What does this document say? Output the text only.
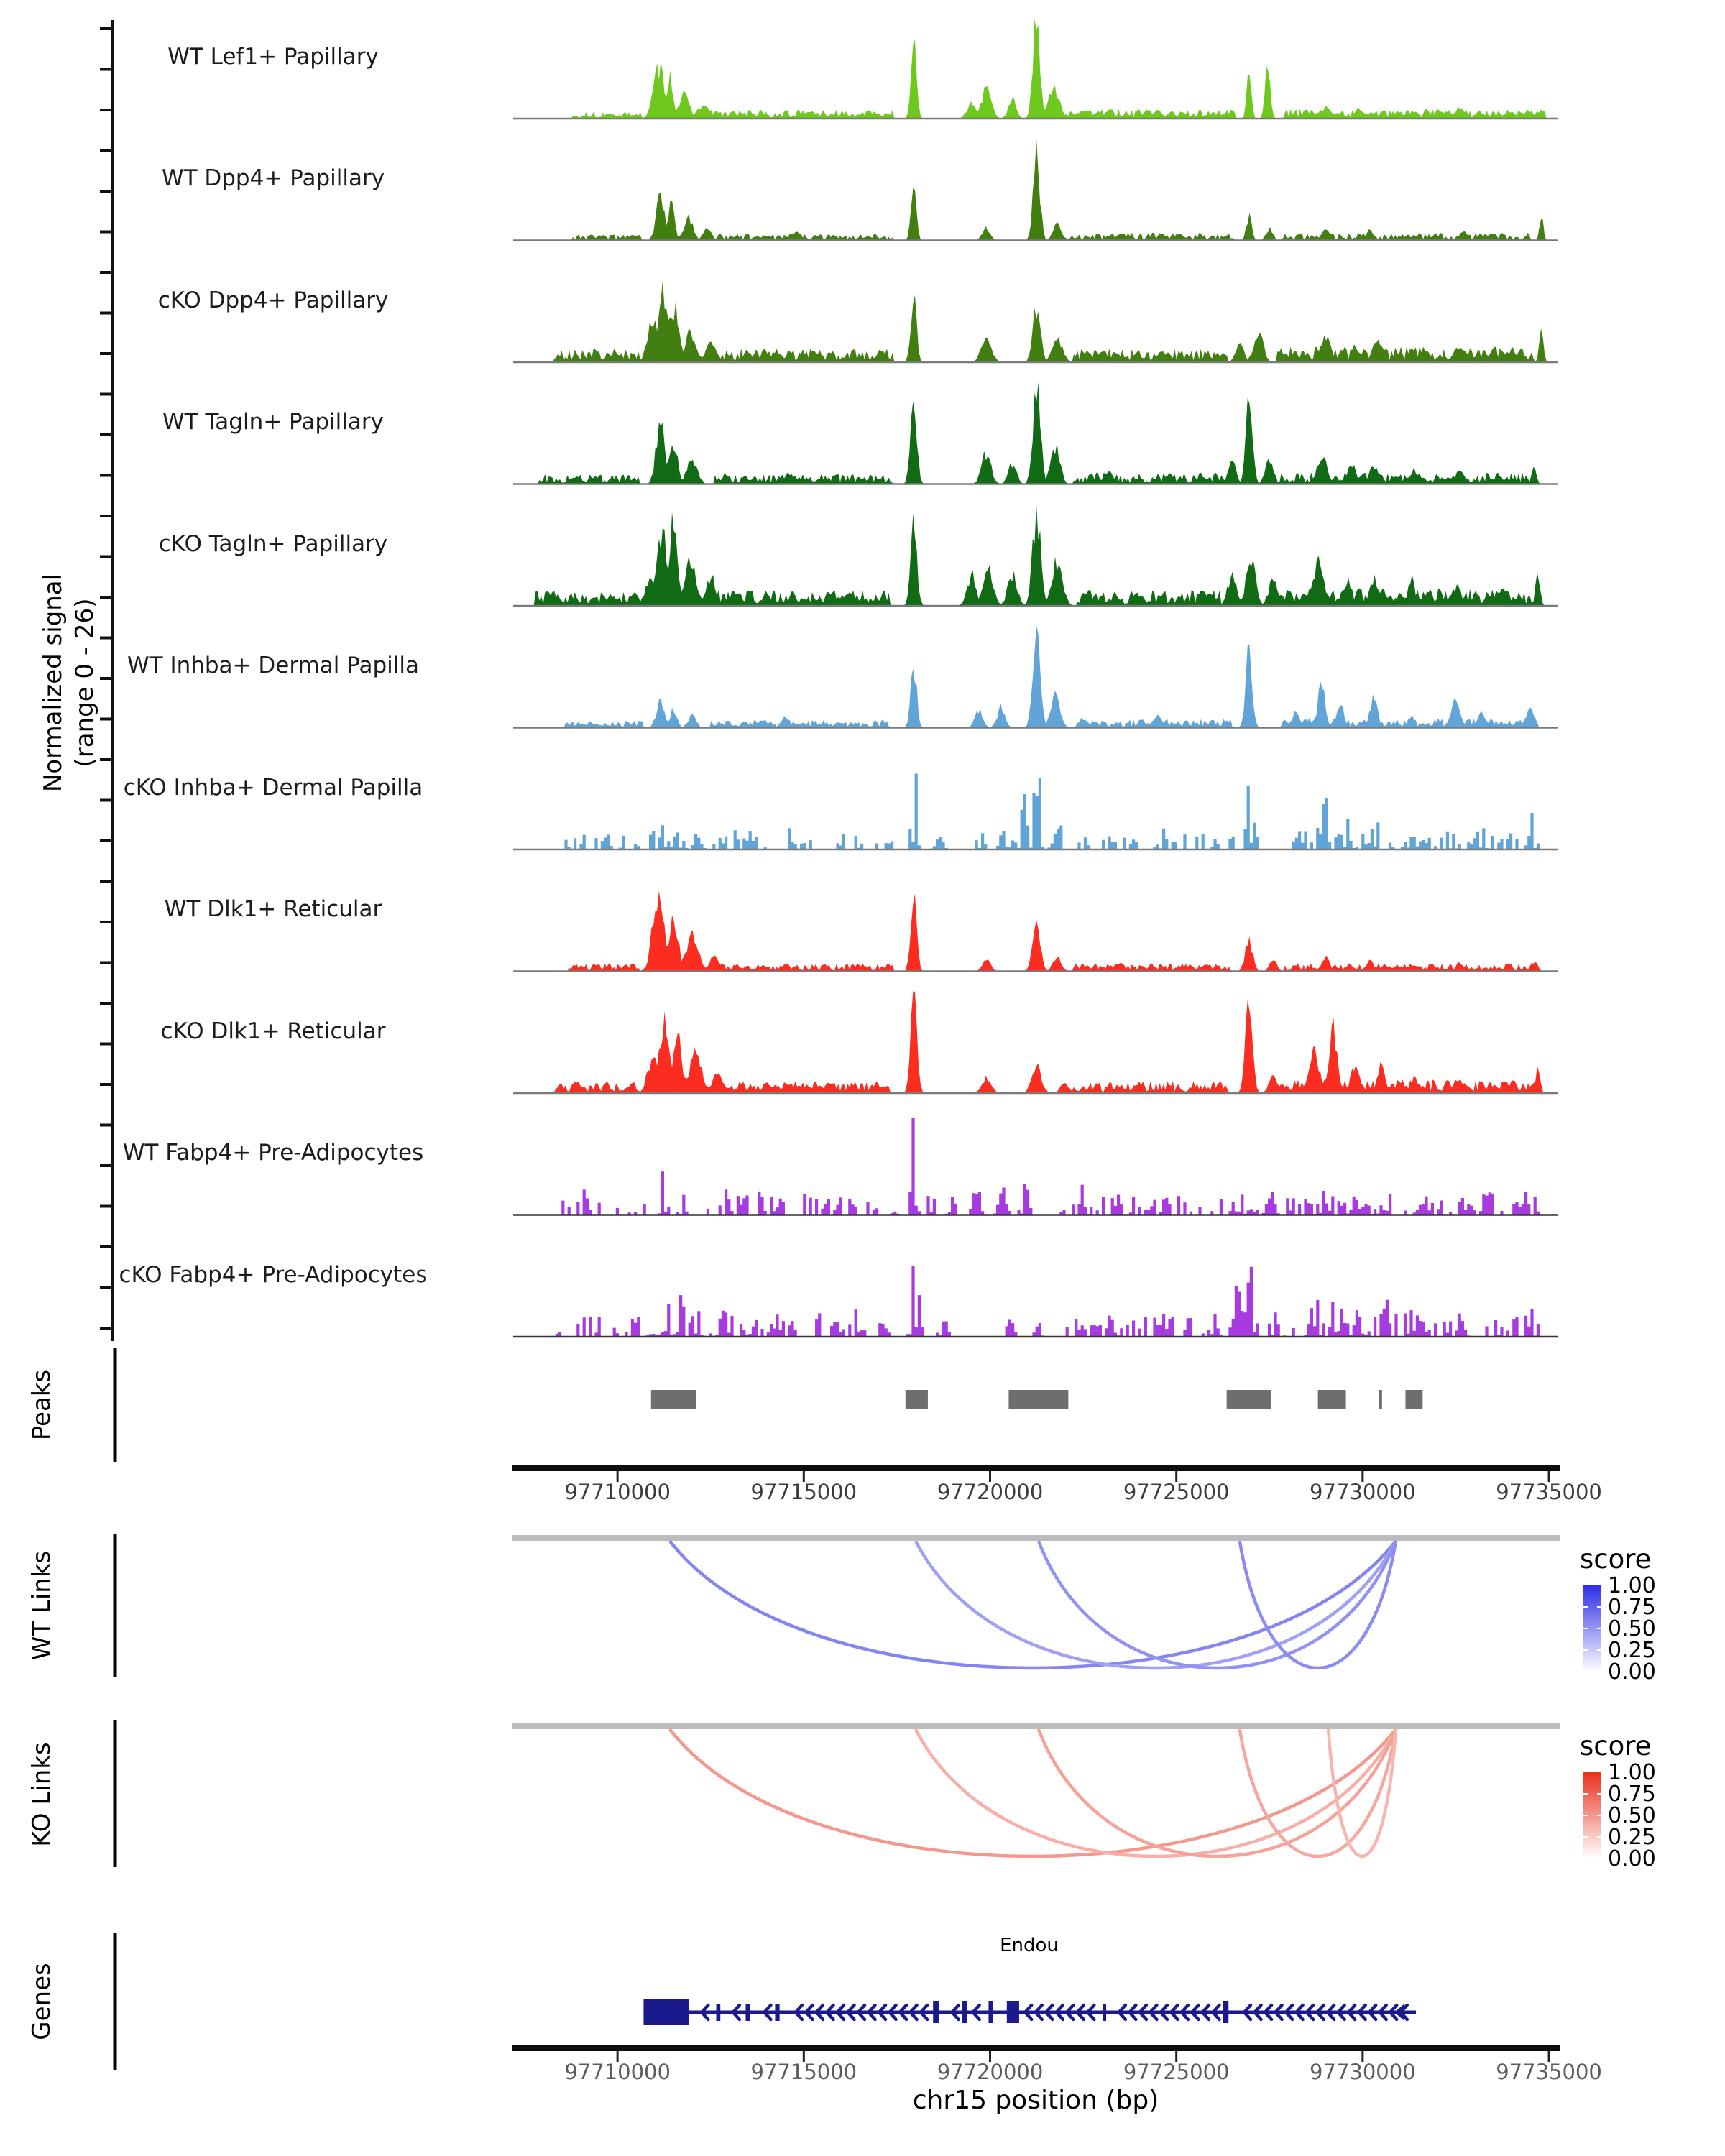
97710000	97715000	97720000	97725000	97730000	97735000
97710000	97715000	97720000	97725000	97730000	97735000
1.00
0.75
0.50
0.25
0.00
1.00
0.75
0.50
0.25
0.00
Normalized signal (range 0 - 26)
WT Lef1+ Papillary
WT Dpp4+ Papillary
cKO Dpp4+ Papillary
WT Tagln+ Papillary
cKO Tagln+ Papillary
WT Inhba+ Dermal Papilla
cKO Inhba+ Dermal Papilla
WT Dlk1+ Reticular
cKO Dlk1+ Reticular
WT Fabp4+ Pre-Adipocytes
cKO Fabp4+ Pre-Adipocytes
Peaks
WT Links
KO Links
Genes
score
score
Endou
chr15 position (bp)
